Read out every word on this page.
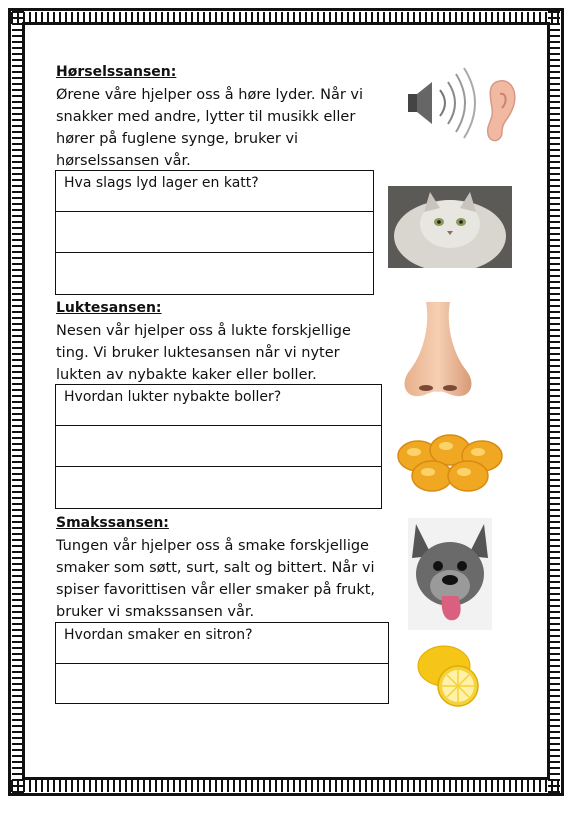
Hørselssansen:
Ørene våre hjelper oss å høre lyder. Når vi
snakker med andre, lytter til musikk eller
hører på fuglene synge, bruker vi
hørselssansen vår.
Hva slags lyd lager en katt?
Luktesansen:
Nesen vår hjelper oss å lukte forskjellige
ting. Vi bruker luktesansen når vi nyter
lukten av nybakte kaker eller boller.
Hvordan lukter nybakte boller?
Smakssansen:
Tungen vår hjelper oss å smake forskjellige
smaker som søtt, surt, salt og bittert. Når vi
spiser favorittisen vår eller smaker på frukt,
bruker vi smakssansen vår.
Hvordan smaker en sitron?
